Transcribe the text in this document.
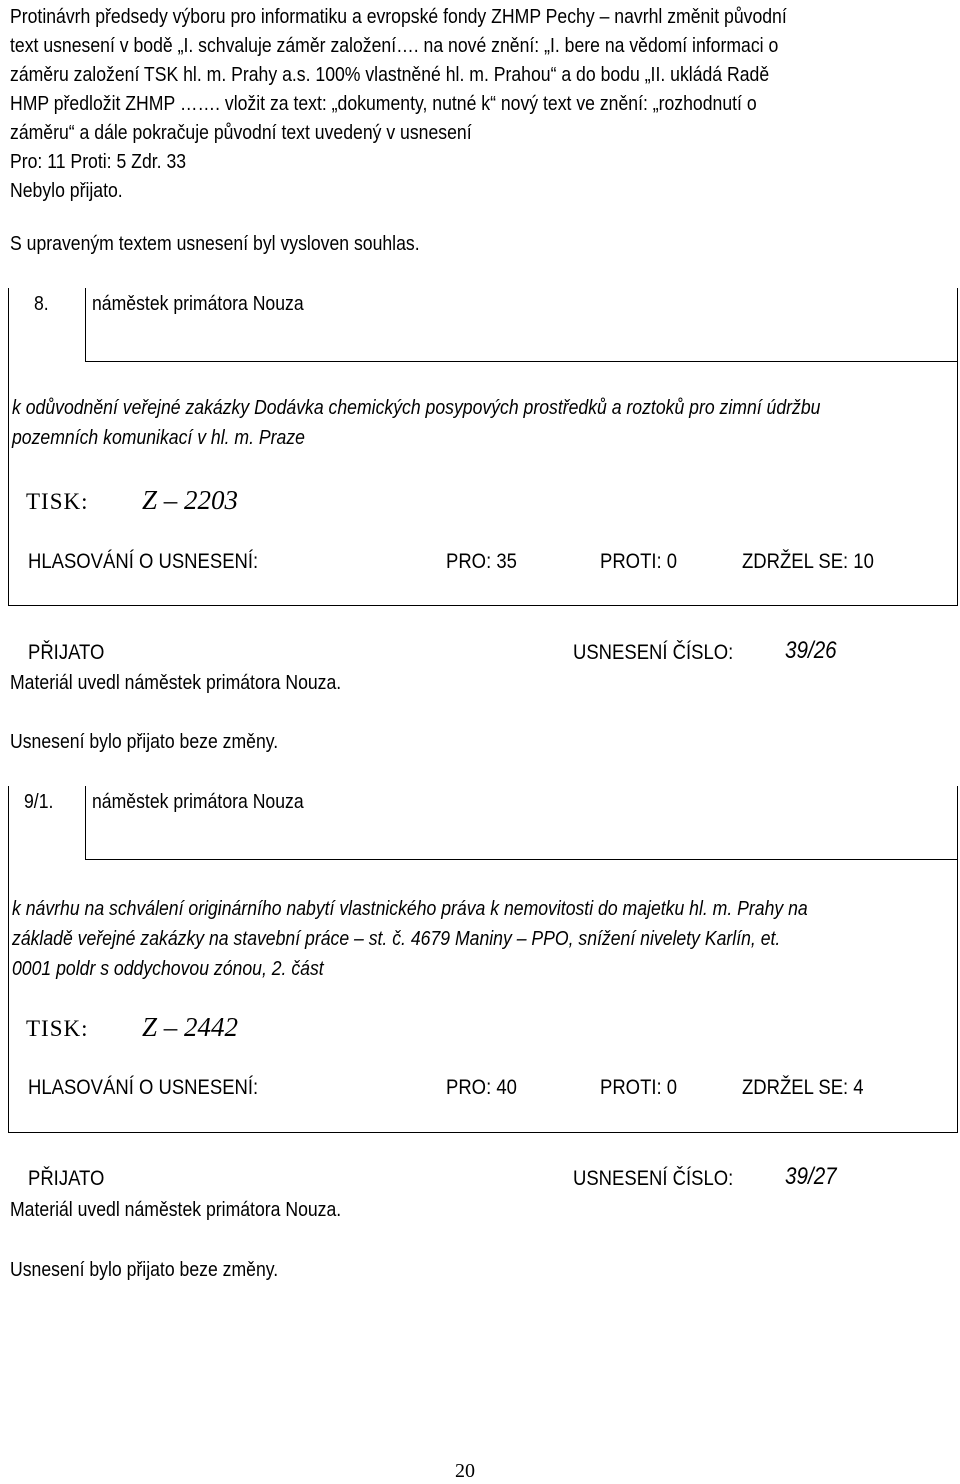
Protinávrh předsedy výboru pro informatiku a evropské fondy ZHMP Pechy – navrhl změnit původní
text usnesení v bodě „I. schvaluje záměr založení…. na nové znění: „I. bere na vědomí informaci o
záměru založení TSK hl. m. Prahy a.s. 100% vlastněné hl. m. Prahou“ a do bodu „II. ukládá Radě
HMP předložit ZHMP ……. vložit za text: „dokumenty, nutné k“ nový text ve znění: „rozhodnutí o
záměru“ a dále pokračuje původní text uvedený v usnesení
Pro: 11 Proti: 5 Zdr. 33
Nebylo přijato.
S upraveným textem usnesení byl vysloven souhlas.
8. náměstek primátora Nouza
k odůvodnění veřejné zakázky Dodávka chemických posypových prostředků a roztoků pro zimní údržbu
pozemních komunikací v hl. m. Praze
TISK: Z – 2203
HLASOVÁNÍ O USNESENÍ:	PRO: 35	PROTI: 0	ZDRŽEL SE: 10
PŘIJATO	USNESENÍ ČÍSLO: 39/26
Materiál uvedl náměstek primátora Nouza.
Usnesení bylo přijato beze změny.
9/1. náměstek primátora Nouza
k návrhu na schválení originárního nabytí vlastnického práva k nemovitosti do majetku hl. m. Prahy na
základě veřejné zakázky na stavební práce – st. č. 4679 Maniny – PPO, snížení nivelety Karlín, et.
0001 poldr s oddychovou zónou, 2. část
TISK: Z – 2442
HLASOVÁNÍ O USNESENÍ:	PRO: 40	PROTI: 0	ZDRŽEL SE: 4
PŘIJATO	USNESENÍ ČÍSLO: 39/27
Materiál uvedl náměstek primátora Nouza.
Usnesení bylo přijato beze změny.
20
